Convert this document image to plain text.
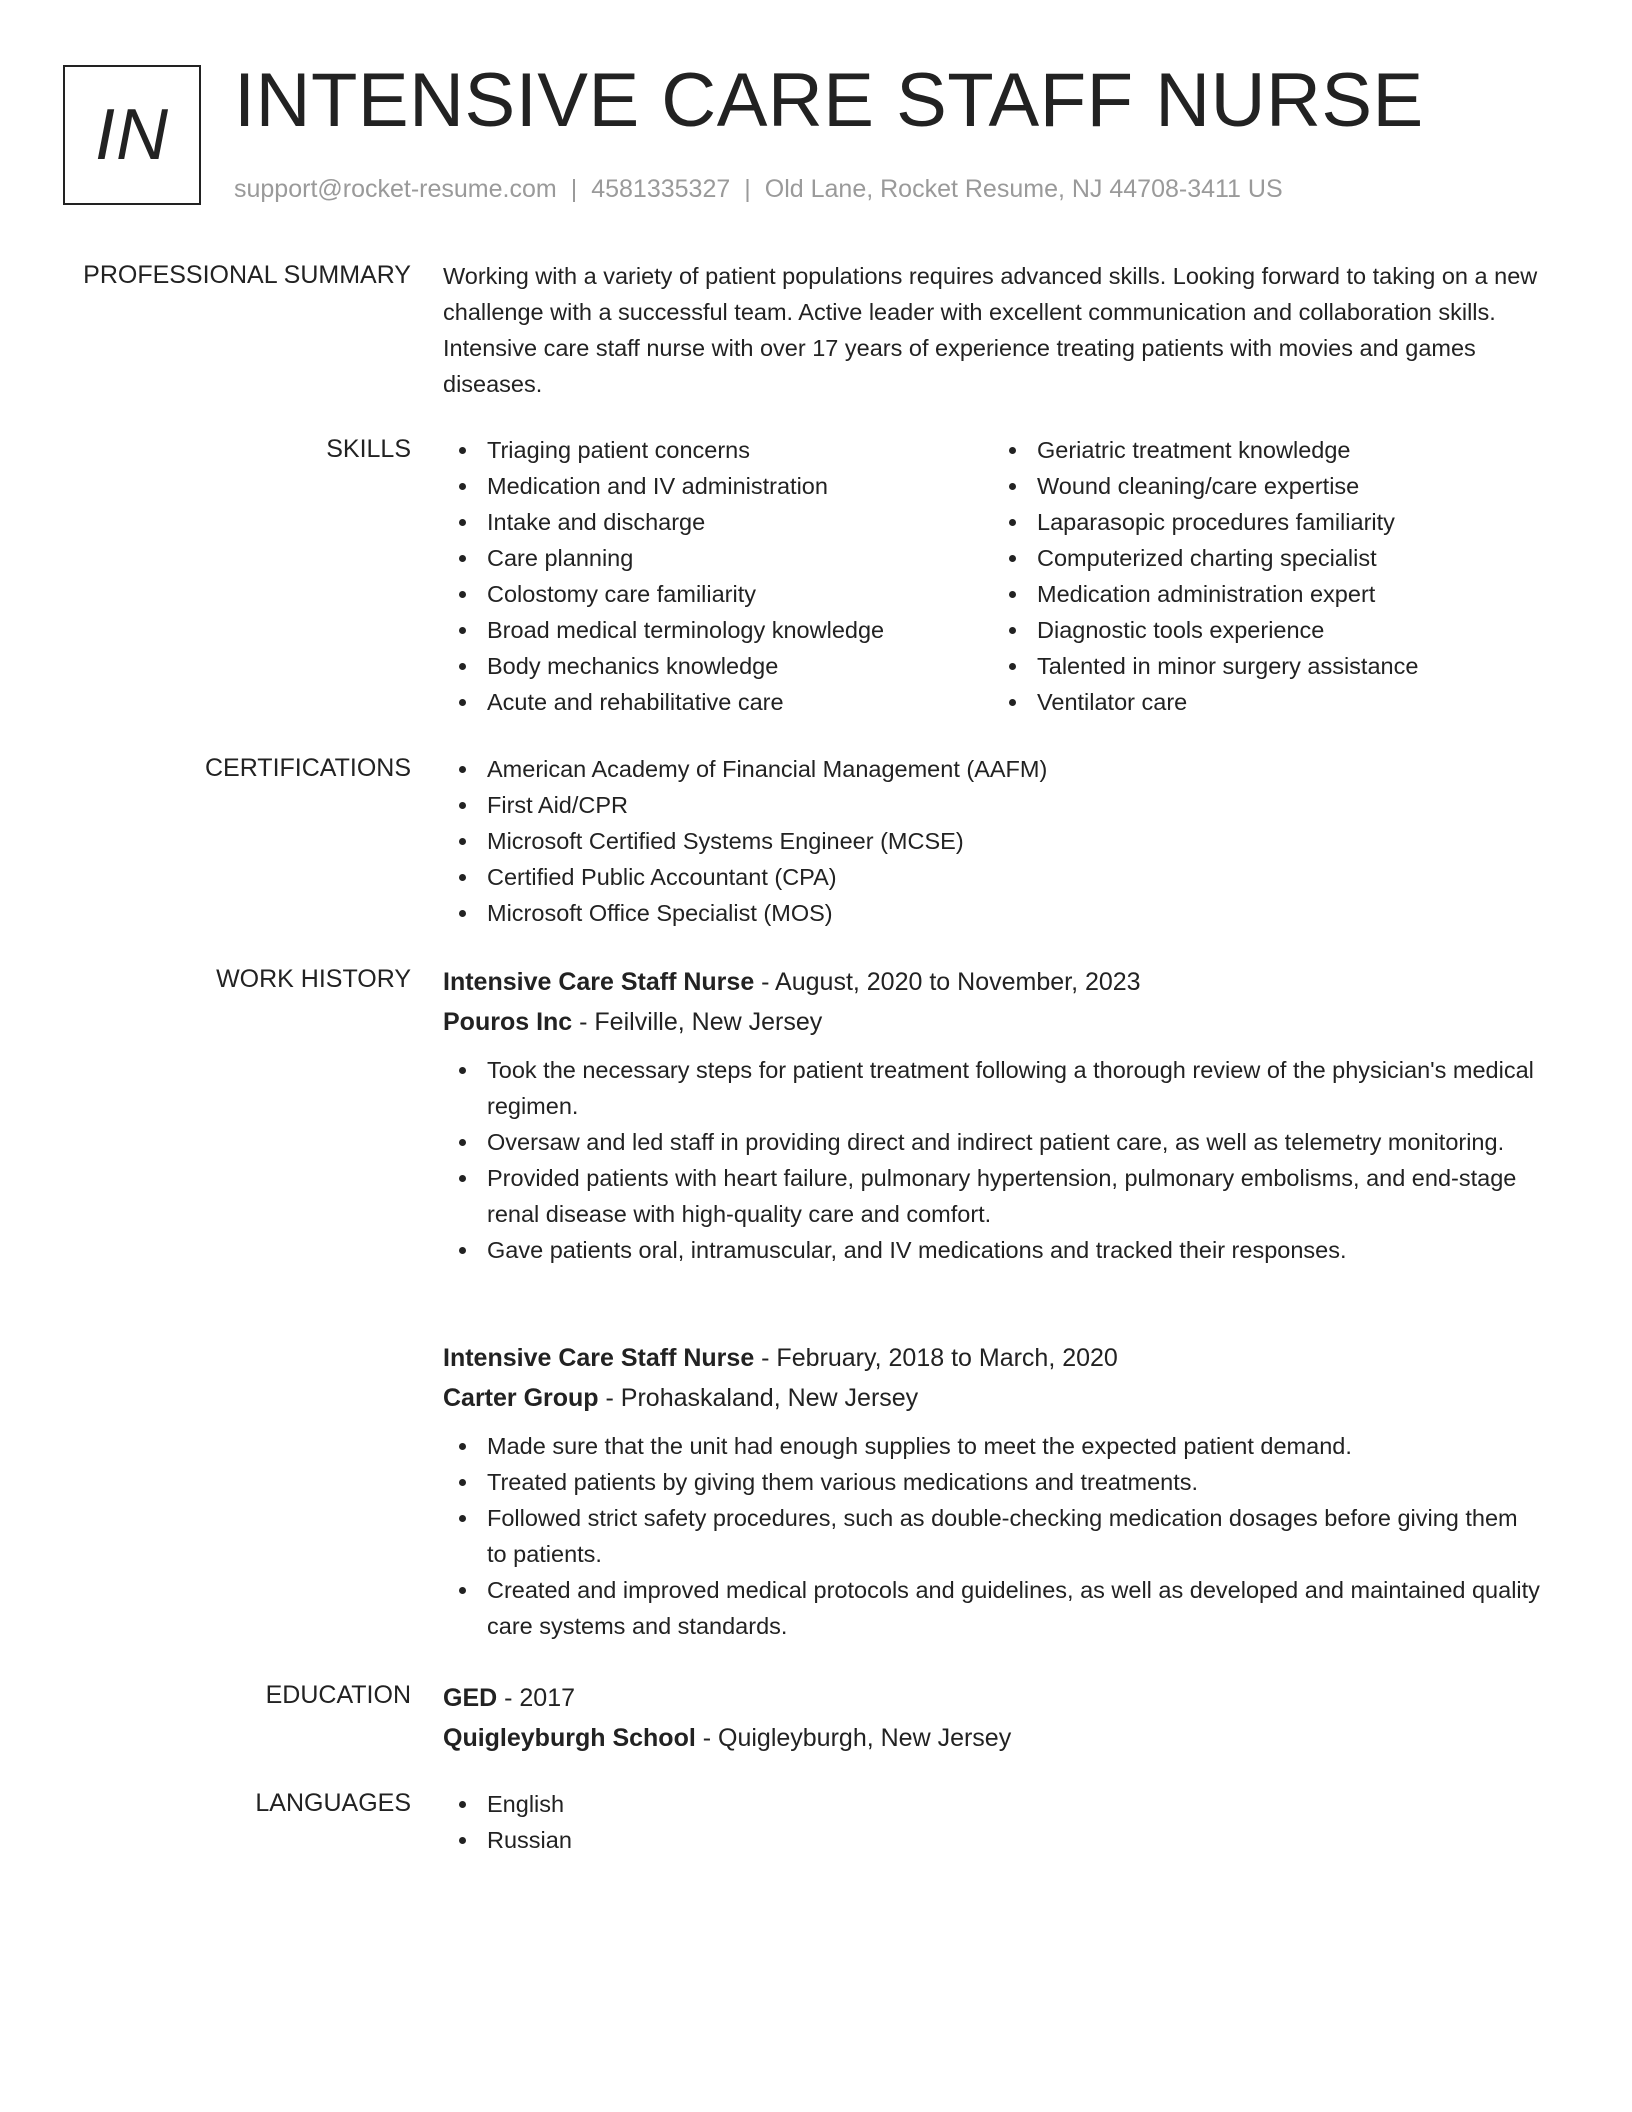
IN INTENSIVE CARE STAFF NURSE
support@rocket-resume.com | 4581335327 | Old Lane, Rocket Resume, NJ 44708-3411 US
PROFESSIONAL SUMMARY Working with a variety of patient populations requires advanced skills. Looking forward to taking on a new challenge with a successful team. Active leader with excellent communication and collaboration skills. Intensive care staff nurse with over 17 years of experience treating patients with movies and games diseases.
SKILLS	Triaging patient concerns
Medication and IV administration
Intake and discharge
Care planning
Colostomy care familiarity
Broad medical terminology knowledge
Body mechanics knowledge
Acute and rehabilitative care
Geriatric treatment knowledge
Wound cleaning/care expertise
Laparasopic procedures familiarity
Computerized charting specialist
Medication administration expert
Diagnostic tools experience
Talented in minor surgery assistance
Ventilator care
CERTIFICATIONS	American Academy of Financial Management (AAFM)
First Aid/CPR
Microsoft Certified Systems Engineer (MCSE)
Certified Public Accountant (CPA)
Microsoft Office Specialist (MOS)
WORK HISTORY Intensive Care Staff Nurse - August, 2020 to November, 2023
Pouros Inc - Feilville, New Jersey
Took the necessary steps for patient treatment following a thorough review of the physician's medical regimen.
Oversaw and led staff in providing direct and indirect patient care, as well as telemetry monitoring.
Provided patients with heart failure, pulmonary hypertension, pulmonary embolisms, and end-stage renal disease with high-quality care and comfort.
Gave patients oral, intramuscular, and IV medications and tracked their responses.
Intensive Care Staff Nurse - February, 2018 to March, 2020
Carter Group - Prohaskaland, New Jersey
Made sure that the unit had enough supplies to meet the expected patient demand.
Treated patients by giving them various medications and treatments.
Followed strict safety procedures, such as double-checking medication dosages before giving them to patients.
Created and improved medical protocols and guidelines, as well as developed and maintained quality care systems and standards.
EDUCATION GED - 2017
Quigleyburgh School - Quigleyburgh, New Jersey
LANGUAGES	English
Russian
